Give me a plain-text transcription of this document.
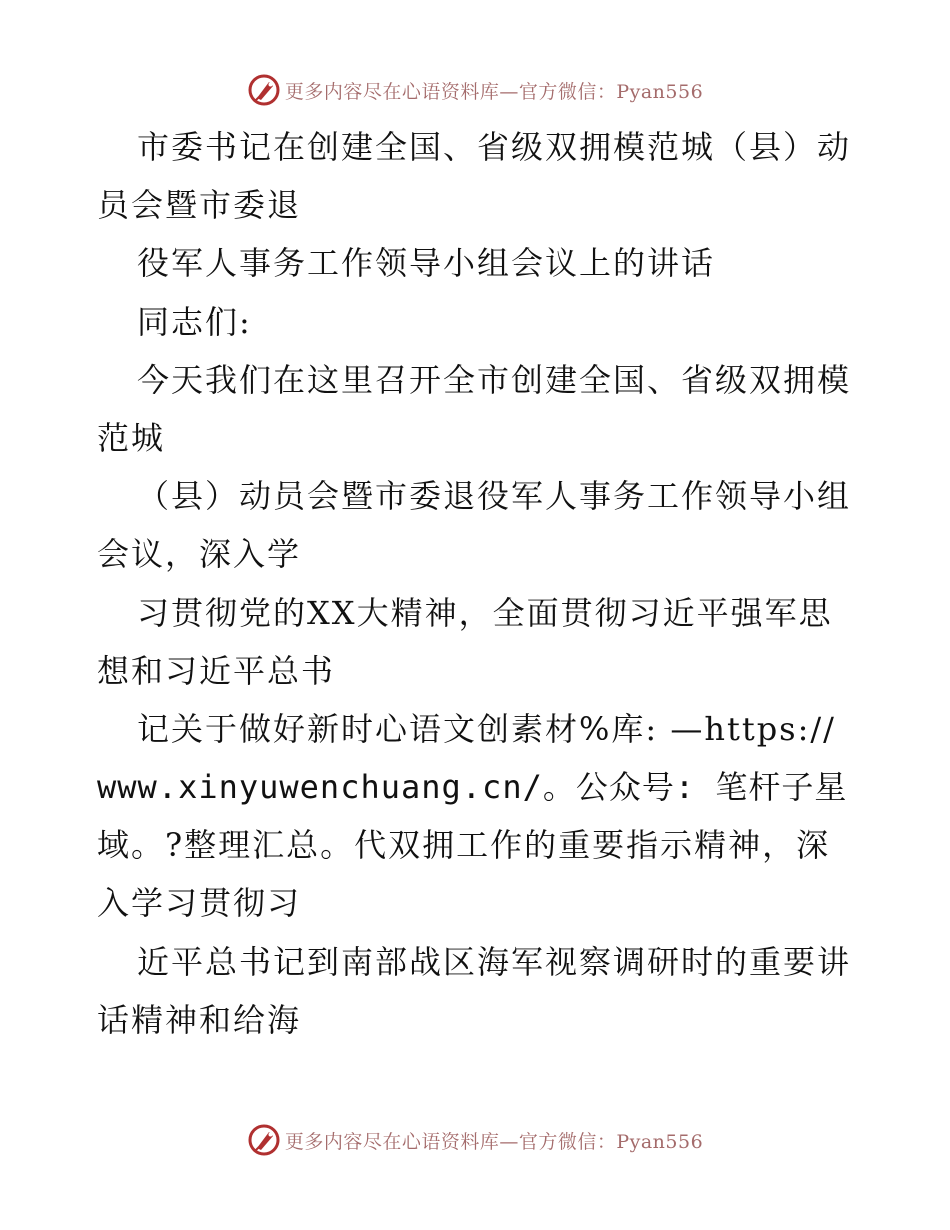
更多内容尽在心语资料库—官方微信：Pyan556
市委书记在创建全国、省级双拥模范城（县）动
员会暨市委退
役军人事务工作领导小组会议上的讲话
同志们:
今天我们在这里召开全市创建全国、省级双拥模
范城
（县）动员会暨市委退役军人事务工作领导小组
会议，深入学
习贯彻党的XX大精神，全面贯彻习近平强军思
想和习近平总书
记关于做好新时心语文创素材%库: —https://
www.xinyuwenchuang.cn/。公众号: 笔杆子星
域。?整理汇总。代双拥工作的重要指示精神，深
入学习贯彻习
近平总书记到南部战区海军视察调研时的重要讲
话精神和给海
更多内容尽在心语资料库—官方微信：Pyan556
